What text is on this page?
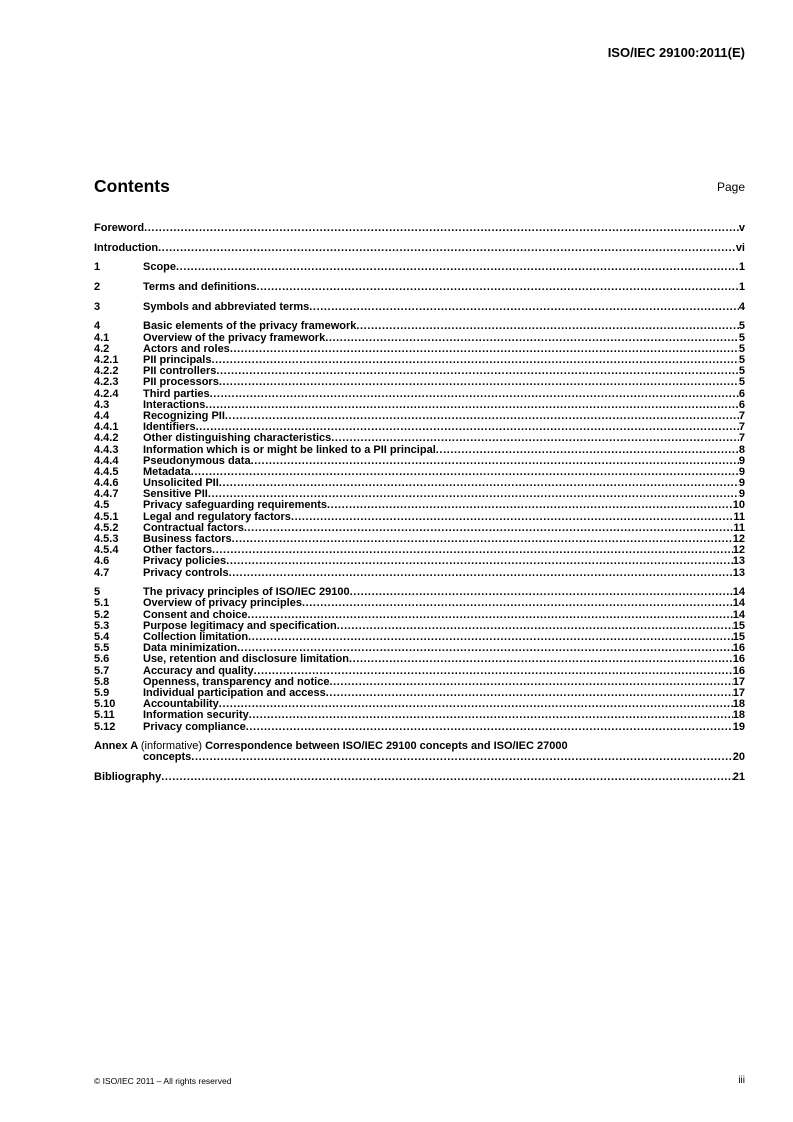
ISO/IEC 29100:2011(E)
Contents	Page
Foreword .....	v
Introduction .....	vi
1	Scope .....	1
2	Terms and definitions .....	1
3	Symbols and abbreviated terms .....	4
4	Basic elements of the privacy framework .....	5
4.1	Overview of the privacy framework .....	5
4.2	Actors and roles .....	5
4.2.1	PII principals .....	5
4.2.2	PII controllers .....	5
4.2.3	PII processors .....	5
4.2.4	Third parties .....	6
4.3	Interactions .....	6
4.4	Recognizing PII .....	7
4.4.1	Identifiers .....	7
4.4.2	Other distinguishing characteristics .....	7
4.4.3	Information which is or might be linked to a PII principal .....	8
4.4.4	Pseudonymous data .....	9
4.4.5	Metadata .....	9
4.4.6	Unsolicited PII .....	9
4.4.7	Sensitive PII .....	9
4.5	Privacy safeguarding requirements .....	10
4.5.1	Legal and regulatory factors .....	11
4.5.2	Contractual factors .....	11
4.5.3	Business factors .....	12
4.5.4	Other factors .....	12
4.6	Privacy policies .....	13
4.7	Privacy controls .....	13
5	The privacy principles of ISO/IEC 29100 .....	14
5.1	Overview of privacy principles .....	14
5.2	Consent and choice .....	14
5.3	Purpose legitimacy and specification .....	15
5.4	Collection limitation .....	15
5.5	Data minimization .....	16
5.6	Use, retention and disclosure limitation .....	16
5.7	Accuracy and quality .....	16
5.8	Openness, transparency and notice .....	17
5.9	Individual participation and access .....	17
5.10	Accountability .....	18
5.11	Information security .....	18
5.12	Privacy compliance .....	19
Annex A (informative) Correspondence between ISO/IEC 29100 concepts and ISO/IEC 27000
concepts .....	20
Bibliography .....	21
© ISO/IEC 2011 – All rights reserved	iii
